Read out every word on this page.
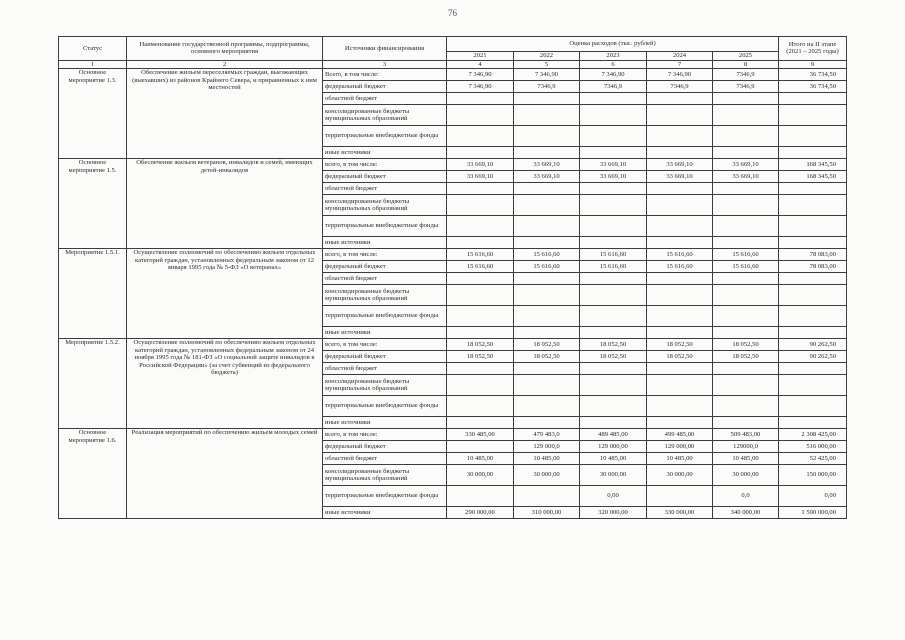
76
Статус	Наименование государственной программы, подпрограммы, основного мероприятия	Источники финансирования	Оценка расходов (тыс. рублей)					Итого на II этапе (2021 – 2025 годы)
			2021	2022	2023	2024	2025	
1	2	3	4	5	6	7	8	9
Основное мероприятие 1.3.	Обеспечение жильем переселяемых граждан, выезжающих (выехавших) из районов Крайнего Севера, и приравненных к ним местностей	Всего, в том числе:	7 346,90	7 346,90	7 346,90	7 346,90	7346,9	36 734,50
		федеральный бюджет	7 346,90	7346,9	7346,9	7346,9	7346,9	36 734,50
		областной бюджет						
		консолидированные бюджеты муниципальных образований						
		территориальные внебюджетные фонды						
		иные источники						
Основное мероприятие 1.5.	Обеспечение жильем ветеранов, инвалидов и семей, имеющих детей-инвалидов	всего, в том числе:	33 669,10	33 669,10	33 669,10	33 669,10	33 669,10	168 345,50
		федеральный бюджет	33 669,10	33 669,10	33 669,10	33 669,10	33 669,10	168 345,50
		областной бюджет						
		консолидированные бюджеты муниципальных образований						
		территориальные внебюджетные фонды						
		иные источники						
Мероприятие 1.5.1.	Осуществление полномочий по обеспечению жильем отдельных категорий граждан, установленных федеральным законом от 12 января 1995 года № 5-ФЗ «О ветеранах»	всего, в том числе:	15 616,60	15 616,60	15 616,60	15 616,60	15 616,60	78 083,00
		федеральный бюджет	15 616,60	15 616,60	15 616,60	15 616,60	15 616,60	78 083,00
		областной бюджет						
		консолидированные бюджеты муниципальных образований						
		территориальные внебюджетные фонды						
		иные источники						
Мероприятие 1.5.2.	Осуществление полномочий по обеспечению жильем отдельных категорий граждан, установленных федеральным законом от 24 ноября 1995 года № 181-ФЗ «О социальной защите инвалидов в Российской Федерации» (за счет субвенций из федерального бюджета)	всего, в том числе:	18 052,50	18 052,50	18 052,50	18 052,50	18 052,50	90 262,50
		федеральный бюджет	18 052,50	18 052,50	18 052,50	18 052,50	18 052,50	90 262,50
		областной бюджет						
		консолидированные бюджеты муниципальных образований						
		территориальные внебюджетные фонды						
		иные источники						
Основное мероприятие 1.6.	Реализация мероприятий по обеспечению жильем молодых семей	всего, в том числе:	330 485,00	479 483,0	489 485,00	499 485,00	509 483,00	2 308 425,00
		федеральный бюджет		129 000,0	129 000,00	129 000,00	129000,0	516 000,00
		областной бюджет	10 485,00	10 485,00	10 485,00	10 485,00	10 485,00	52 425,00
		консолидированные бюджеты муниципальных образований	30 000,00	30 000,00	30 000,00	30 000,00	30 000,00	150 000,00
		территориальные внебюджетные фонды			0,00		0,0	0,00
		иные источники	290 000,00	310 000,00	320 000,00	330 000,00	340 000,00	1 590 000,00
